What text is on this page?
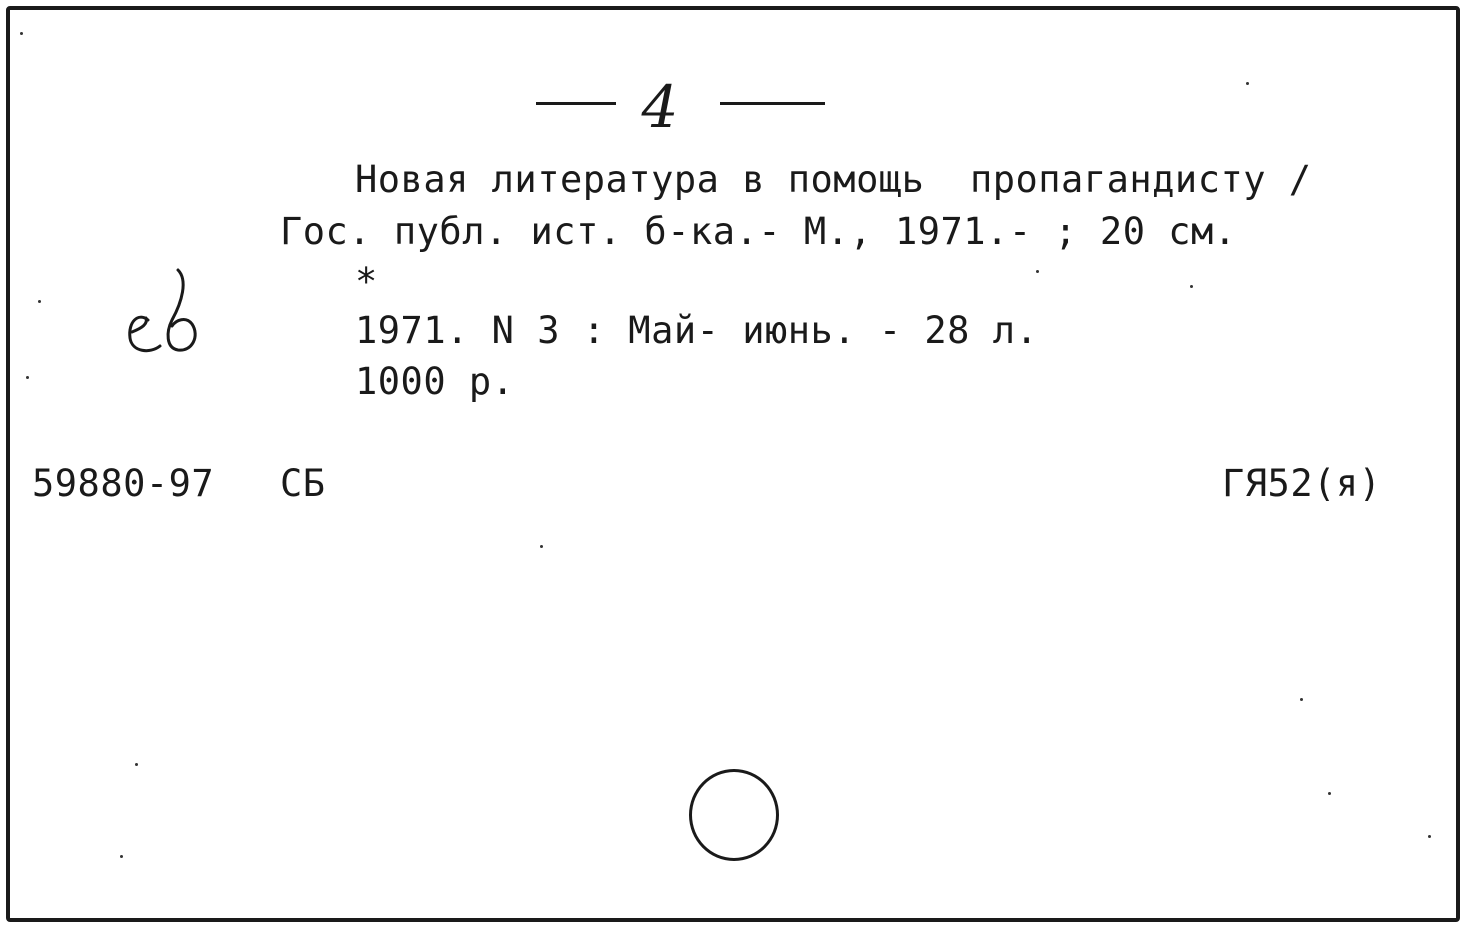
4
Новая литература в помощь  пропагандисту /
Гос. публ. ист. б-ка.- М., 1971.- ; 20 см.
*
1971. N 3 : Май- июнь. - 28 л.
1000 р.
59880-97 СБ	ГЯ52(я)
